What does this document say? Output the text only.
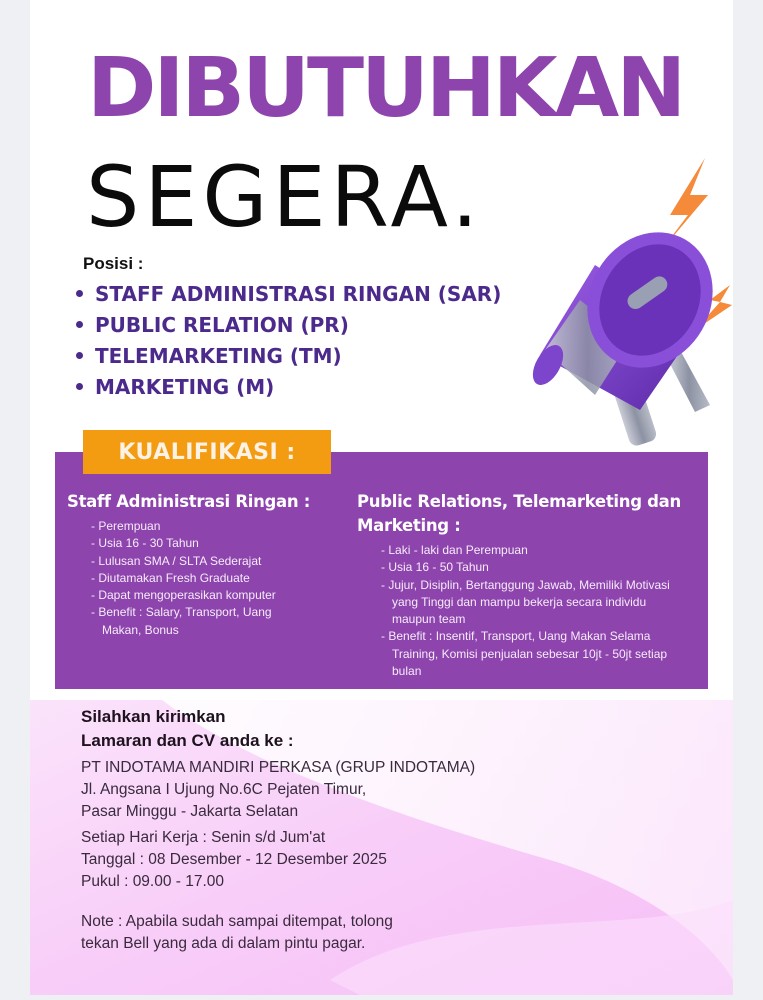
DIBUTUHKAN
SEGERA.
Posisi :
STAFF ADMINISTRASI RINGAN (SAR)
PUBLIC RELATION (PR)
TELEMARKETING (TM)
MARKETING (M)
KUALIFIKASI :
Staff Administrasi Ringan :
- Perempuan
- Usia 16 - 30 Tahun
- Lulusan SMA / SLTA Sederajat
- Diutamakan Fresh Graduate
- Dapat mengoperasikan komputer
- Benefit : Salary, Transport, Uang Makan, Bonus
Public Relations, Telemarketing dan Marketing :
- Laki - laki dan Perempuan
- Usia 16 - 50 Tahun
- Jujur, Disiplin, Bertanggung Jawab, Memiliki Motivasi yang Tinggi dan mampu bekerja secara individu maupun team
- Benefit : Insentif, Transport, Uang Makan Selama Training, Komisi penjualan sebesar 10jt - 50jt setiap bulan
Silahkan kirimkan
Lamaran dan CV anda ke :
PT INDOTAMA MANDIRI PERKASA (GRUP INDOTAMA)
Jl. Angsana I Ujung No.6C Pejaten Timur,
Pasar Minggu - Jakarta Selatan
Setiap Hari Kerja : Senin s/d Jum'at
Tanggal : 08 Desember - 12 Desember 2025
Pukul : 09.00 - 17.00
Note : Apabila sudah sampai ditempat, tolong
tekan Bell yang ada di dalam pintu pagar.
